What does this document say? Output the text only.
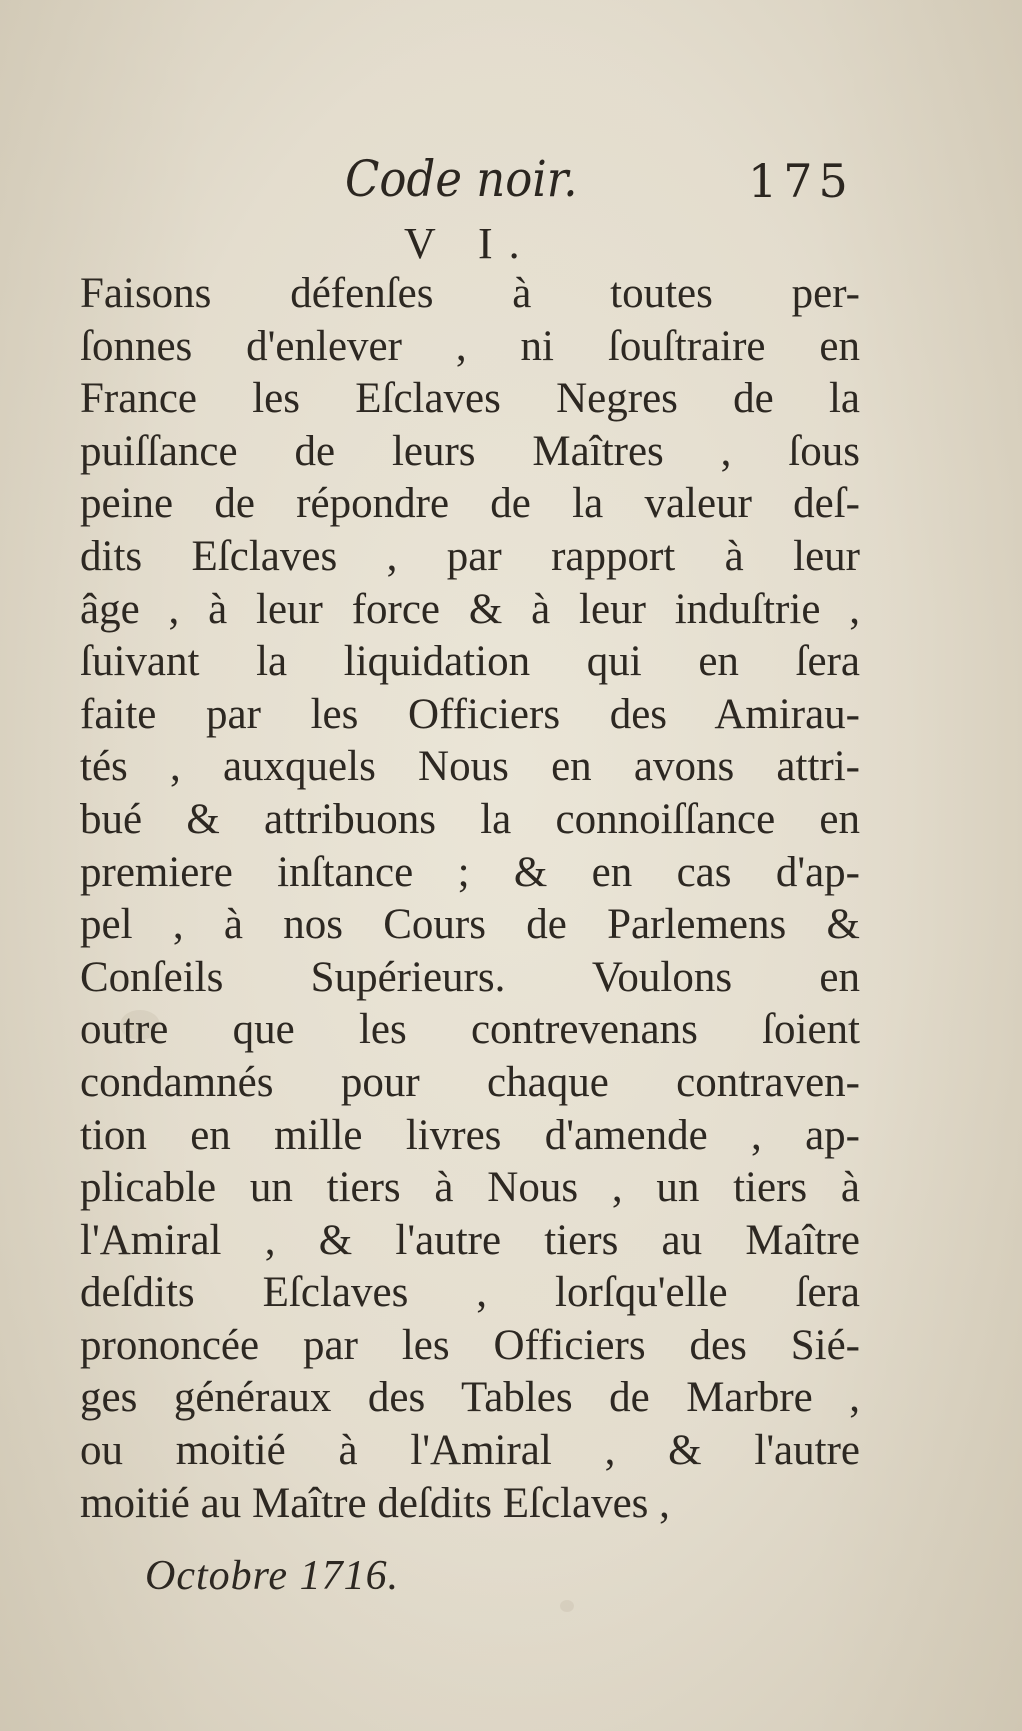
Code noir.	175
V I.
Faisons défenſes à toutes per-
ſonnes d'enlever , ni ſouſtraire en
France les Eſclaves Negres de la
puiſſance de leurs Maîtres , ſous
peine de répondre de la valeur deſ-
dits Eſclaves , par rapport à leur
âge , à leur force & à leur induſtrie ,
ſuivant la liquidation qui en ſera
faite par les Officiers des Amirau-
tés , auxquels Nous en avons attri-
bué & attribuons la connoiſſance en
premiere inſtance ; & en cas d'ap-
pel , à nos Cours de Parlemens &
Conſeils Supérieurs. Voulons en
outre que les contrevenans ſoient
condamnés pour chaque contraven-
tion en mille livres d'amende , ap-
plicable un tiers à Nous , un tiers à
l'Amiral , & l'autre tiers au Maître
deſdits Eſclaves , lorſqu'elle ſera
prononcée par les Officiers des Sié-
ges généraux des Tables de Marbre ,
ou moitié à l'Amiral , & l'autre
moitié au Maître deſdits Eſclaves ,
Octobre 1716.
